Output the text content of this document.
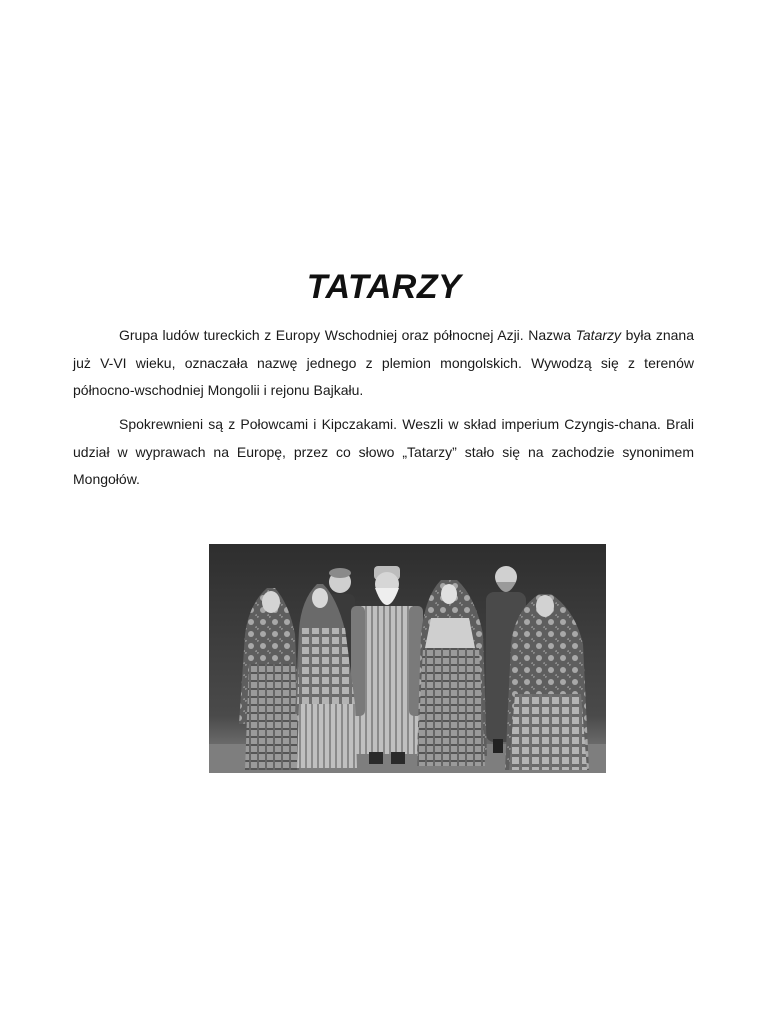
TATARZY

Grupa ludów tureckich z Europy Wschodniej oraz północnej Azji. Nazwa Tatarzy była znana już V-VI wieku, oznaczała nazwę jednego z plemion mongolskich. Wywodzą się z terenów północno-wschodniej Mongolii i rejonu Bajkału.

Spokrewnieni są z Połowcami i Kipczakami. Weszli w skład imperium Czyngis-chana. Brali udział w wyprawach na Europę, przez co słowo „Tatarzy” stało się na zachodzie synonimem Mongołów.
